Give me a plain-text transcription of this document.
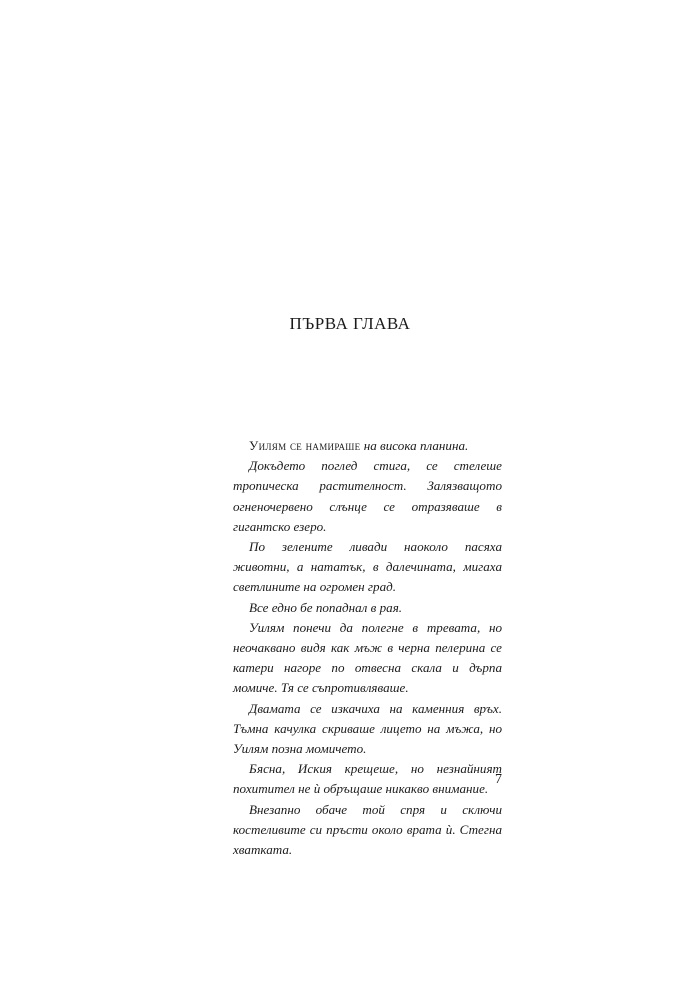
ПЪРВА ГЛАВА

Уилям се намираше на висока планина.

Докъдето поглед стига, се стелеше тропическа растителност. Залязващото огненочервено слънце се отразяваше в гигантско езеро.

По зелените ливади наоколо пасяха животни, а нататък, в далечината, мигаха светлините на огромен град.

Все едно бе попаднал в рая.

Уилям понечи да полегне в тревата, но неочаквано видя как мъж в черна пелерина се катери нагоре по отвесна скала и дърпа момиче. Тя се съпротивляваше.

Двамата се изкачиха на каменния връх. Тъмна качулка скриваше лицето на мъжа, но Уилям позна момичето.

Бясна, Иския крещеше, но незнайният похитител не ѝ обръщаше никакво внимание.

Внезапно обаче той спря и сключи костеливите си пръсти около врата ѝ. Стегна хватката.

7
